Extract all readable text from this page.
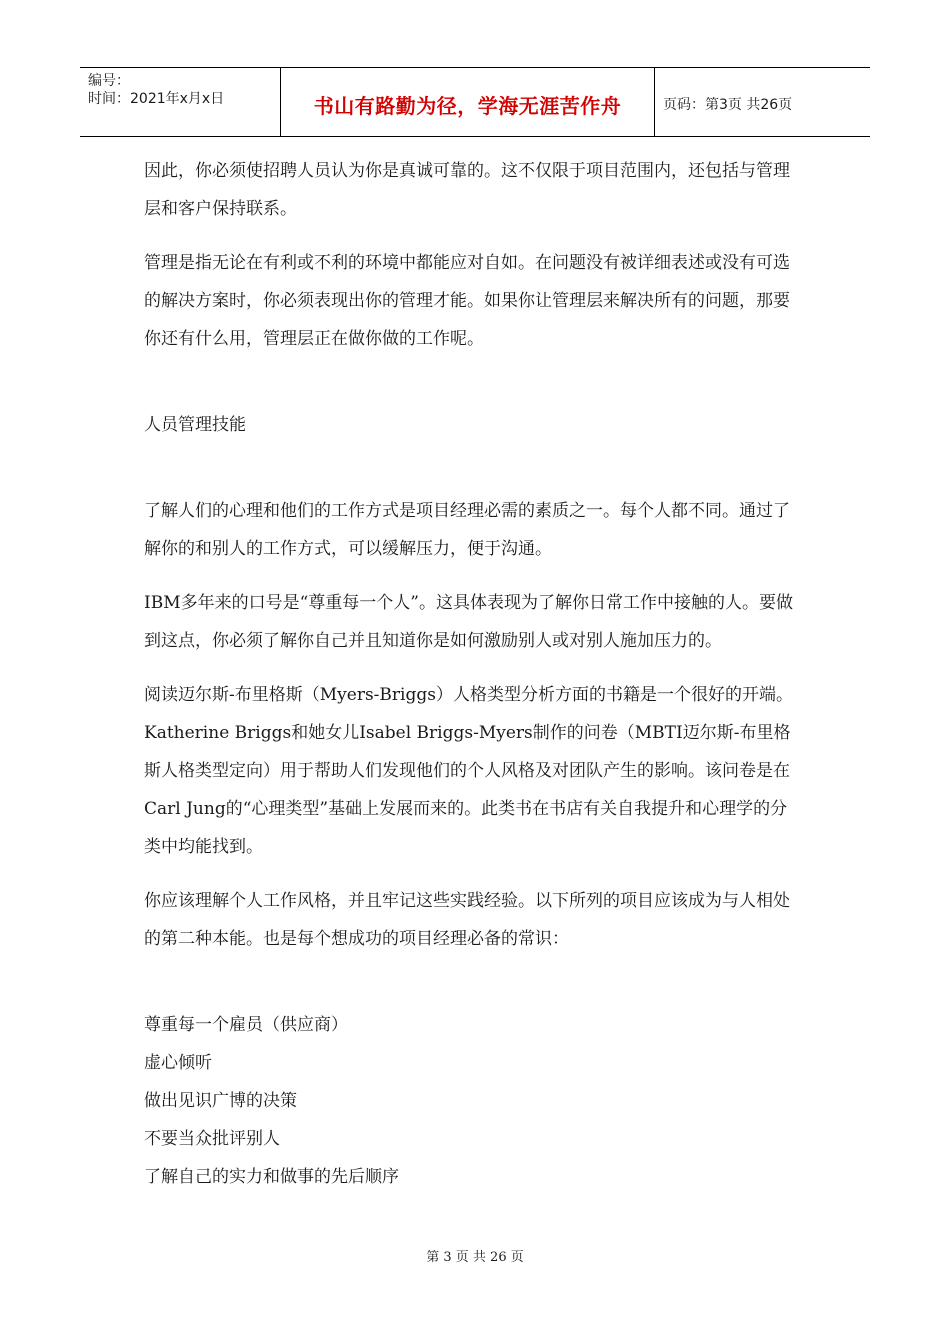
编号：
时间：2021年x月x日	书山有路勤为径，学海无涯苦作舟	页码：第3页 共26页

因此，你必须使招聘人员认为你是真诚可靠的。这不仅限于项目范围内，还包括与管理层和客户保持联系。

管理是指无论在有利或不利的环境中都能应对自如。在问题没有被详细表述或没有可选的解决方案时，你必须表现出你的管理才能。如果你让管理层来解决所有的问题，那要你还有什么用，管理层正在做你做的工作呢。

人员管理技能

了解人们的心理和他们的工作方式是项目经理必需的素质之一。每个人都不同。通过了解你的和别人的工作方式，可以缓解压力，便于沟通。

IBM多年来的口号是“尊重每一个人”。这具体表现为了解你日常工作中接触的人。要做到这点，你必须了解你自己并且知道你是如何激励别人或对别人施加压力的。

阅读迈尔斯-布里格斯（Myers-Briggs）人格类型分析方面的书籍是一个很好的开端。Katherine Briggs和她女儿Isabel Briggs-Myers制作的问卷（MBTI迈尔斯-布里格斯人格类型定向）用于帮助人们发现他们的个人风格及对团队产生的影响。该问卷是在Carl Jung的“心理类型”基础上发展而来的。此类书在书店有关自我提升和心理学的分类中均能找到。

你应该理解个人工作风格，并且牢记这些实践经验。以下所列的项目应该成为与人相处的第二种本能。也是每个想成功的项目经理必备的常识：

尊重每一个雇员（供应商）
虚心倾听
做出见识广博的决策
不要当众批评别人
了解自己的实力和做事的先后顺序
第 3 页 共 26 页
